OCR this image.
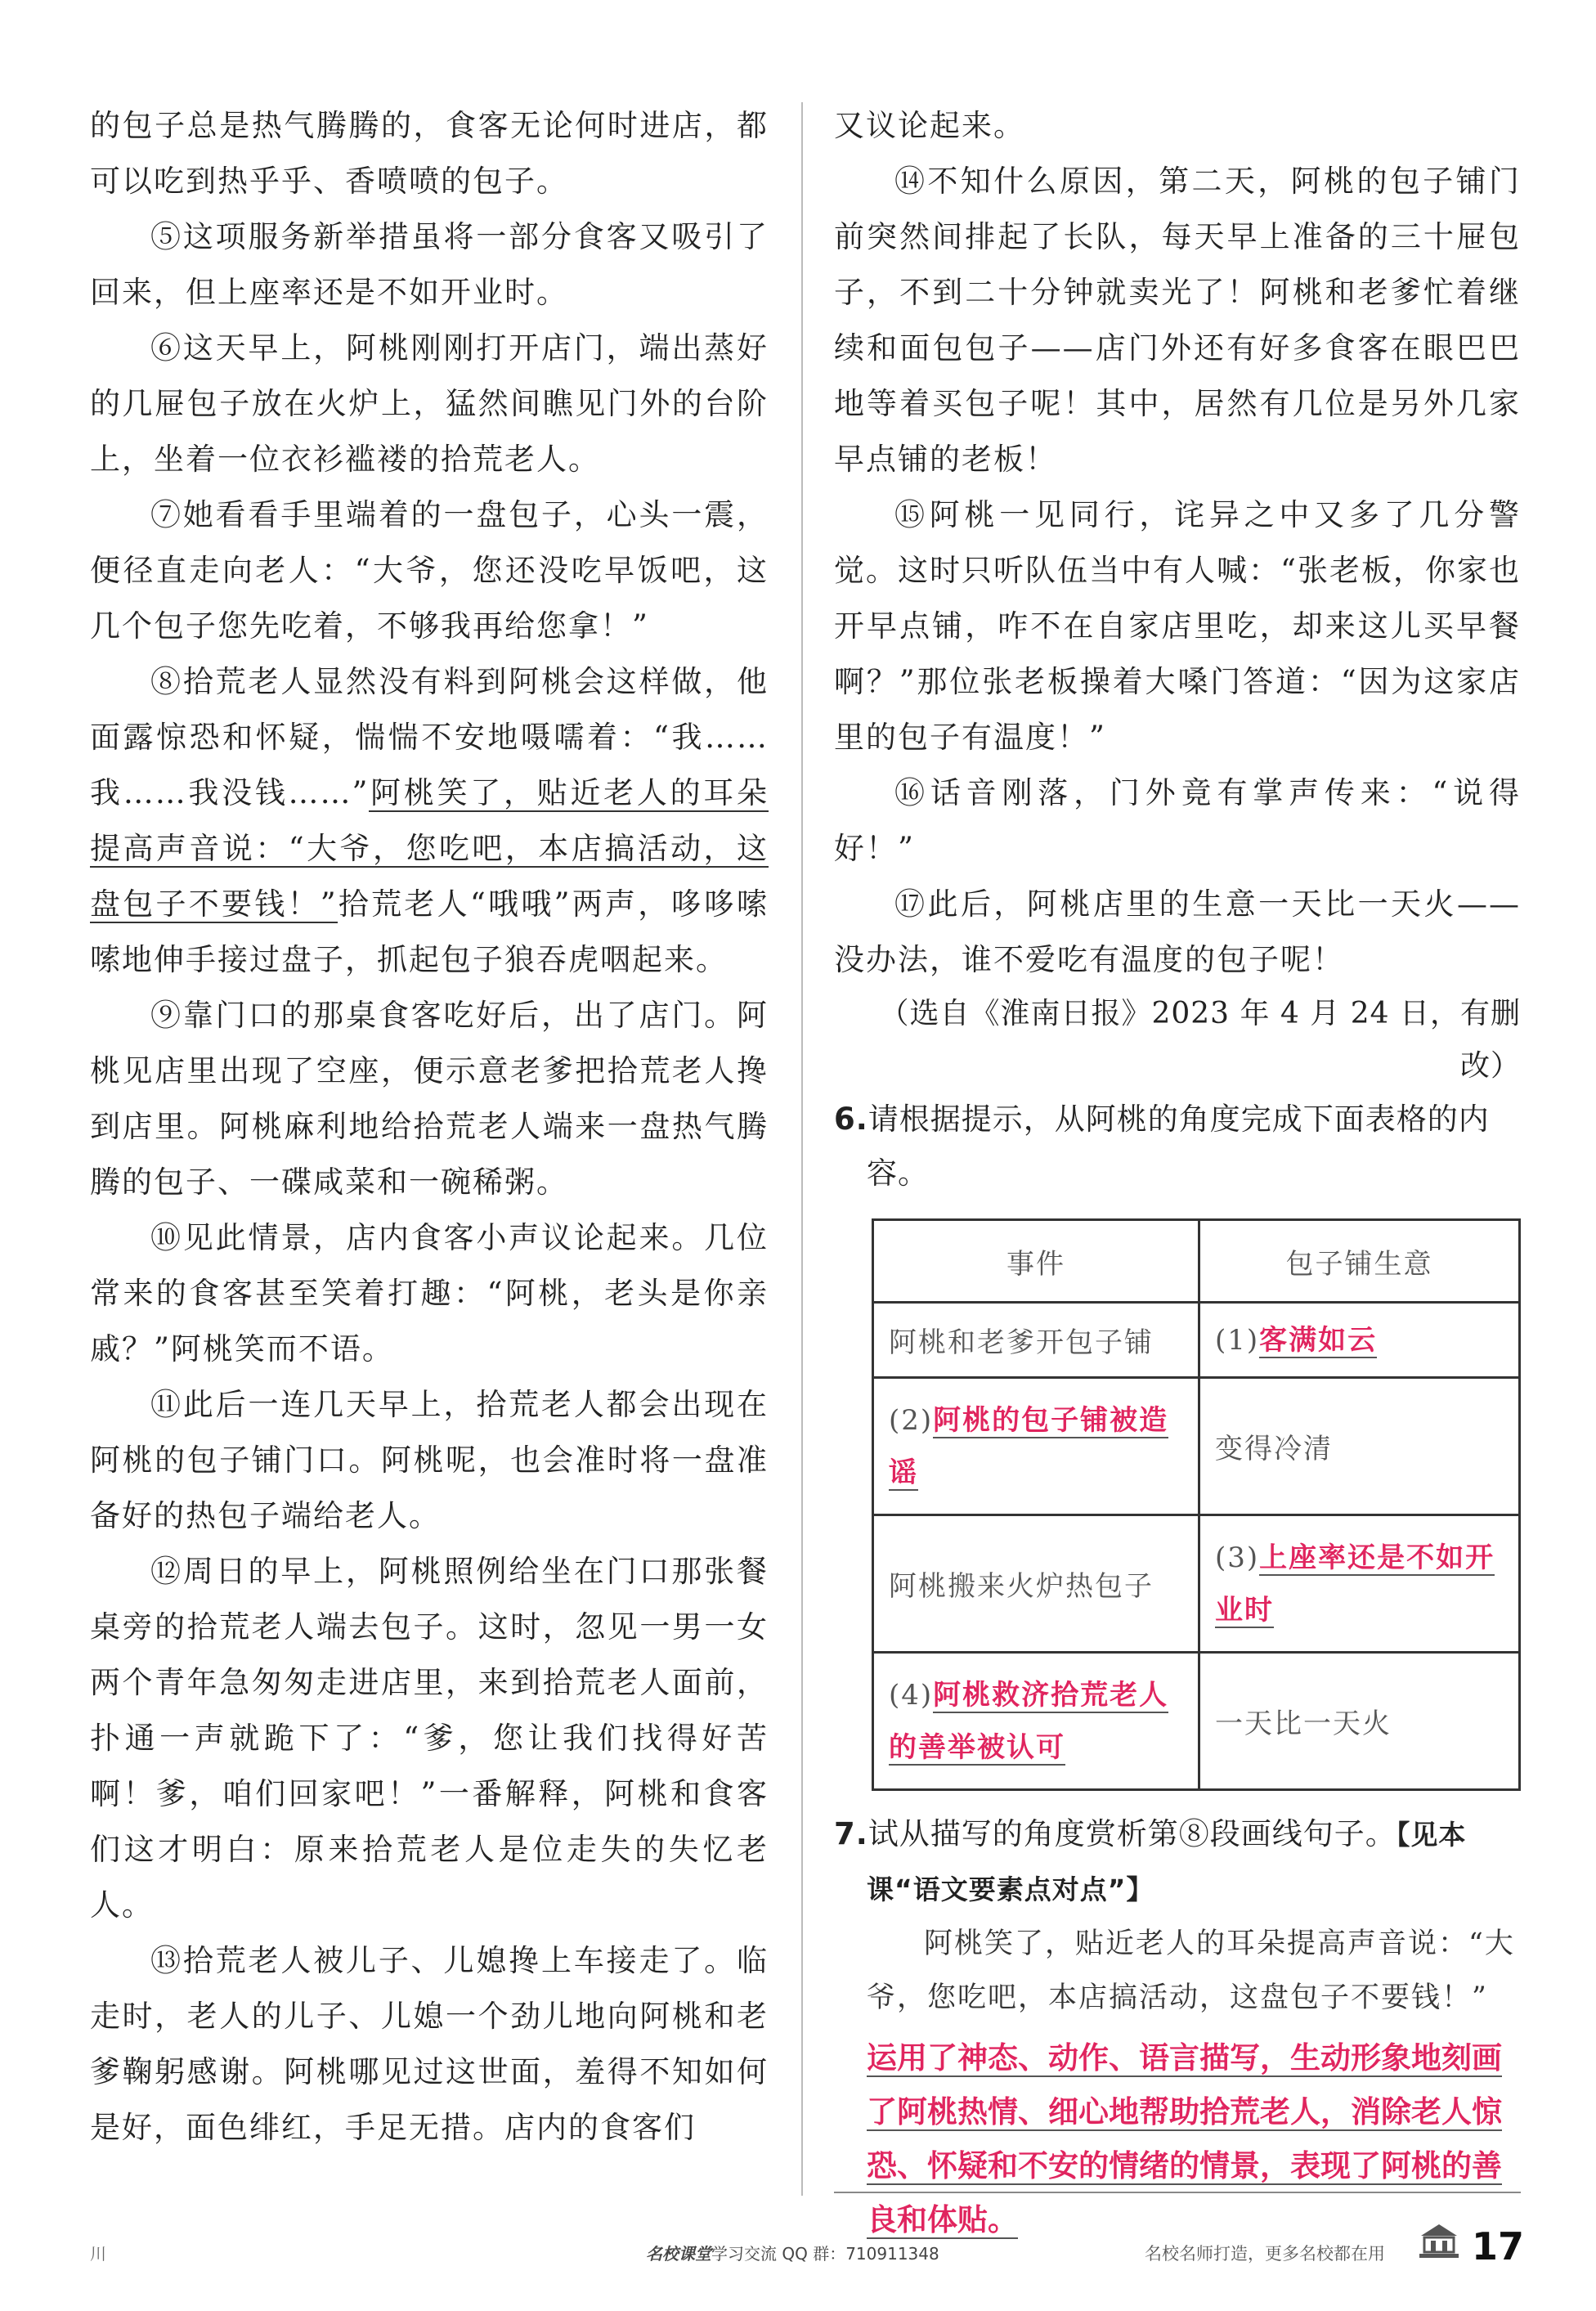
的包子总是热气腾腾的，食客无论何时进店，都可以吃到热乎乎、香喷喷的包子。

⑤这项服务新举措虽将一部分食客又吸引了回来，但上座率还是不如开业时。

⑥这天早上，阿桃刚刚打开店门，端出蒸好的几屉包子放在火炉上，猛然间瞧见门外的台阶上，坐着一位衣衫褴褛的拾荒老人。

⑦她看看手里端着的一盘包子，心头一震，便径直走向老人：“大爷，您还没吃早饭吧，这几个包子您先吃着，不够我再给您拿！”

⑧拾荒老人显然没有料到阿桃会这样做，他面露惊恐和怀疑，惴惴不安地嗫嚅着：“我……我……我没钱……”阿桃笑了，贴近老人的耳朵提高声音说：“大爷，您吃吧，本店搞活动，这盘包子不要钱！”拾荒老人“哦哦”两声，哆哆嗦嗦地伸手接过盘子，抓起包子狼吞虎咽起来。

⑨靠门口的那桌食客吃好后，出了店门。阿桃见店里出现了空座，便示意老爹把拾荒老人搀到店里。阿桃麻利地给拾荒老人端来一盘热气腾腾的包子、一碟咸菜和一碗稀粥。

⑩见此情景，店内食客小声议论起来。几位常来的食客甚至笑着打趣：“阿桃，老头是你亲戚？”阿桃笑而不语。

⑪此后一连几天早上，拾荒老人都会出现在阿桃的包子铺门口。阿桃呢，也会准时将一盘准备好的热包子端给老人。

⑫周日的早上，阿桃照例给坐在门口那张餐桌旁的拾荒老人端去包子。这时，忽见一男一女两个青年急匆匆走进店里，来到拾荒老人面前，扑通一声就跪下了：“爹，您让我们找得好苦啊！爹，咱们回家吧！”一番解释，阿桃和食客们这才明白：原来拾荒老人是位走失的失忆老人。

⑬拾荒老人被儿子、儿媳搀上车接走了。临走时，老人的儿子、儿媳一个劲儿地向阿桃和老爹鞠躬感谢。阿桃哪见过这世面，羞得不知如何是好，面色绯红，手足无措。店内的食客们

又议论起来。

⑭不知什么原因，第二天，阿桃的包子铺门前突然间排起了长队，每天早上准备的三十屉包子，不到二十分钟就卖光了！阿桃和老爹忙着继续和面包包子——店门外还有好多食客在眼巴巴地等着买包子呢！其中，居然有几位是另外几家早点铺的老板！

⑮阿桃一见同行，诧异之中又多了几分警觉。这时只听队伍当中有人喊：“张老板，你家也开早点铺，咋不在自家店里吃，却来这儿买早餐啊？”那位张老板操着大嗓门答道：“因为这家店里的包子有温度！”

⑯话音刚落，门外竟有掌声传来：“说得好！”

⑰此后，阿桃店里的生意一天比一天火——没办法，谁不爱吃有温度的包子呢！

（选自《淮南日报》2023 年 4 月 24 日，有删改）

6.请根据提示，从阿桃的角度完成下面表格的内容。

事件	包子铺生意
阿桃和老爹开包子铺	(1)客满如云
(2)阿桃的包子铺被造谣	变得冷清
阿桃搬来火炉热包子	(3)上座率还是不如开业时
(4)阿桃救济拾荒老人的善举被认可	一天比一天火

7.试从描写的角度赏析第⑧段画线句子。【见本课“语文要素点对点”】

阿桃笑了，贴近老人的耳朵提高声音说：“大爷，您吃吧，本店搞活动，这盘包子不要钱！”

运用了神态、动作、语言描写，生动形象地刻画了阿桃热情、细心地帮助拾荒老人，消除老人惊恐、怀疑和不安的情绪的情景，表现了阿桃的善良和体贴。

川	名校课堂学习交流 QQ 群：710911348	名校名师打造，更多名校都在用 17
